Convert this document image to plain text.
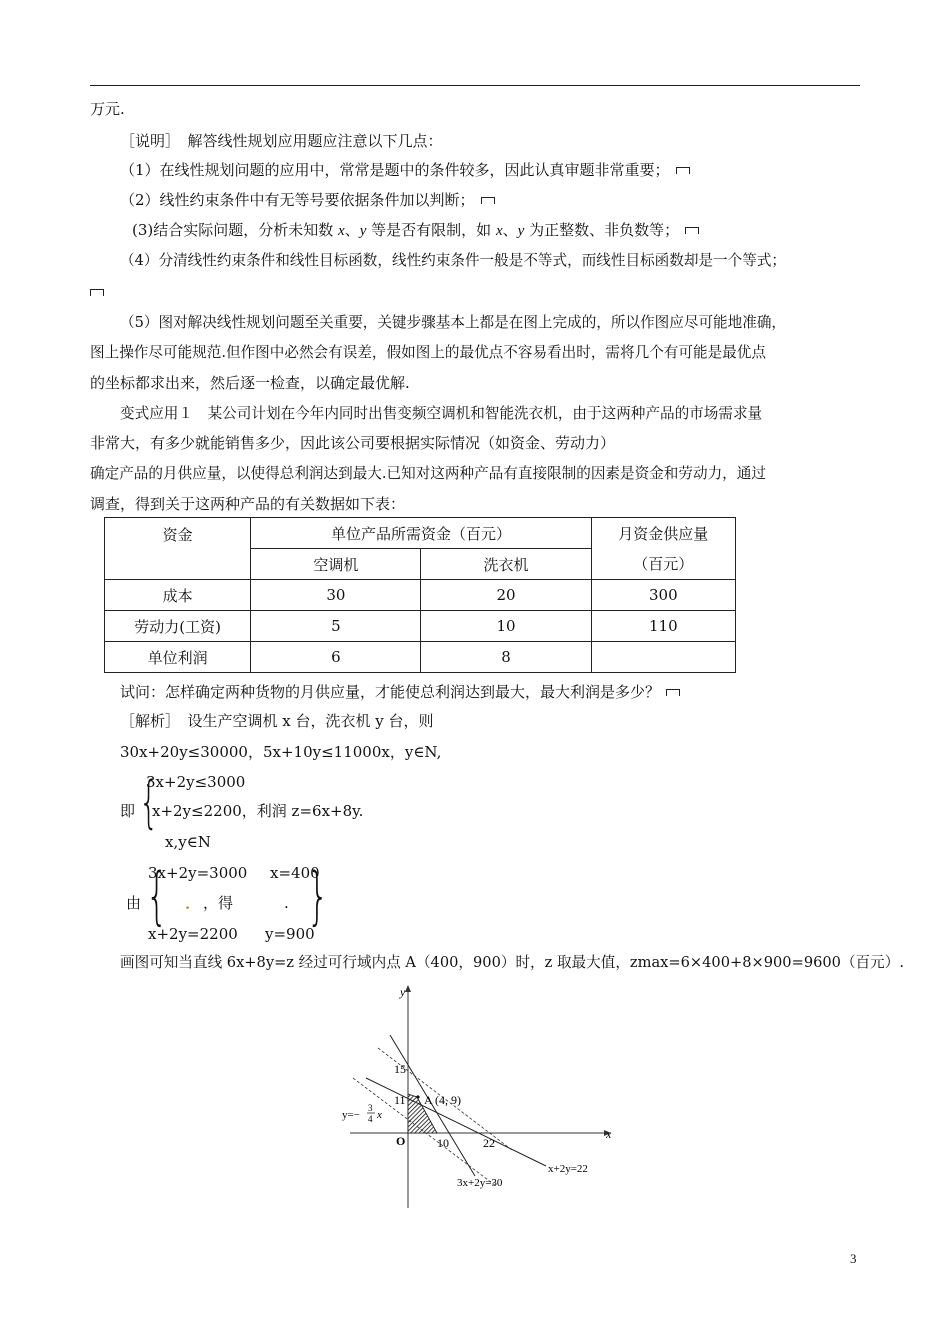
万元.
［说明］　解答线性规划应用题应注意以下几点：
（1）在线性规划问题的应用中，常常是题中的条件较多，因此认真审题非常重要；
（2）线性约束条件中有无等号要依据条件加以判断；
(3)结合实际问题，分析未知数 x、y 等是否有限制，如 x、y 为正整数、非负数等；
（4）分清线性约束条件和线性目标函数，线性约束条件一般是不等式，而线性目标函数却是一个等式；
（5）图对解决线性规划问题至关重要，关键步骤基本上都是在图上完成的，所以作图应尽可能地准确，
图上操作尽可能规范.但作图中必然会有误差，假如图上的最优点不容易看出时，需将几个有可能是最优点
的坐标都求出来，然后逐一检查，以确定最优解.
变式应用１　某公司计划在今年内同时出售变频空调机和智能洗衣机，由于这两种产品的市场需求量
非常大，有多少就能销售多少，因此该公司要根据实际情况（如资金、劳动力）
确定产品的月供应量，以使得总利润达到最大.已知对这两种产品有直接限制的因素是资金和劳动力，通过
调查，得到关于这两种产品的有关数据如下表：
资金	单位产品所需资金（百元）		月资金供应量
（百元）

	空调机	洗衣机	
成本	30	20	300
劳动力(工资)	5	10	110
单位利润	6	8	
试问：怎样确定两种货物的月供应量，才能使总利润达到最大，最大利润是多少？
［解析］　设生产空调机 x 台，洗衣机 y 台，则
30x+20y≤30000，5x+10y≤11000x，y∈N,
即 {
3x+2y≤3000
x+2y≤2200，利润 z=6x+8y.
x,y∈N
由 {
3x+2y=3000
x+2y=2200
. ，得
x=400
.
y=900
}
画图可知当直线 6x+8y=z 经过可行域内点 A（400，900）时，z 取最大值，zmax=6×400+8×900=9600（百元）.
y
x
O
15
11
10	22
A (4, 9)
y=−
3
4 x
x+2y=22
3x+2y=30
3
